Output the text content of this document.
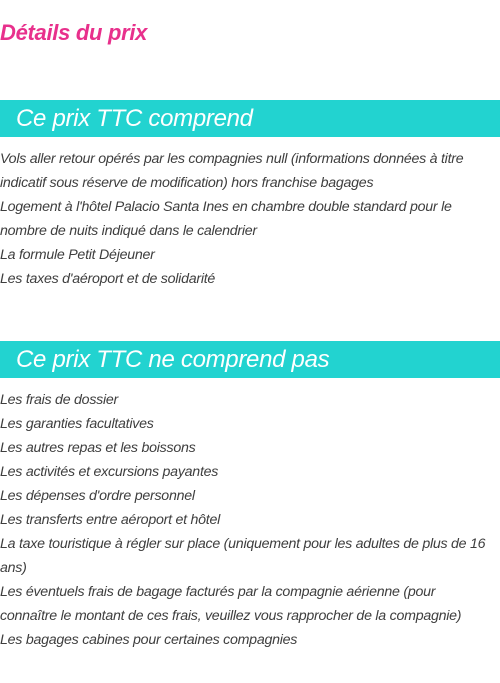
Détails du prix
Ce prix TTC comprend
Vols aller retour opérés par les compagnies null (informations données à titre indicatif sous réserve de modification) hors franchise bagages
Logement à l'hôtel Palacio Santa Ines en chambre double standard pour le nombre de nuits indiqué dans le calendrier
La formule Petit Déjeuner
Les taxes d'aéroport et de solidarité
Ce prix TTC ne comprend pas
Les frais de dossier
Les garanties facultatives
Les autres repas et les boissons
Les activités et excursions payantes
Les dépenses d'ordre personnel
Les transferts entre aéroport et hôtel
La taxe touristique à régler sur place (uniquement pour les adultes de plus de 16 ans)
Les éventuels frais de bagage facturés par la compagnie aérienne (pour connaître le montant de ces frais, veuillez vous rapprocher de la compagnie)
Les bagages cabines pour certaines compagnies
